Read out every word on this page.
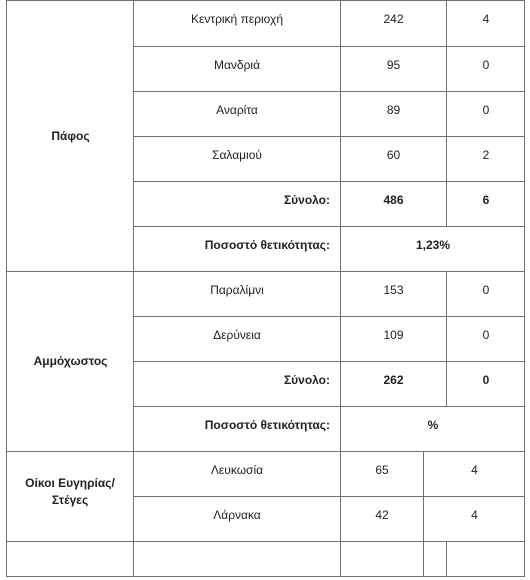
Πάφος
Κεντρική περιοχή	242	4
Μανδριά	95	0
Αναρίτα	89	0
Σαλαμιού	60	2
Σύνολο:	486	6
Ποσοστό θετικότητας:	1,23%
Αμμόχωστος
Παραλίμνι	153	0
Δερύνεια	109	0
Σύνολο:	262	0
Ποσοστό θετικότητας:	%
Οίκοι Ευγηρίας/ Στέγες
Λευκωσία	65	4
Λάρνακα	42	4
